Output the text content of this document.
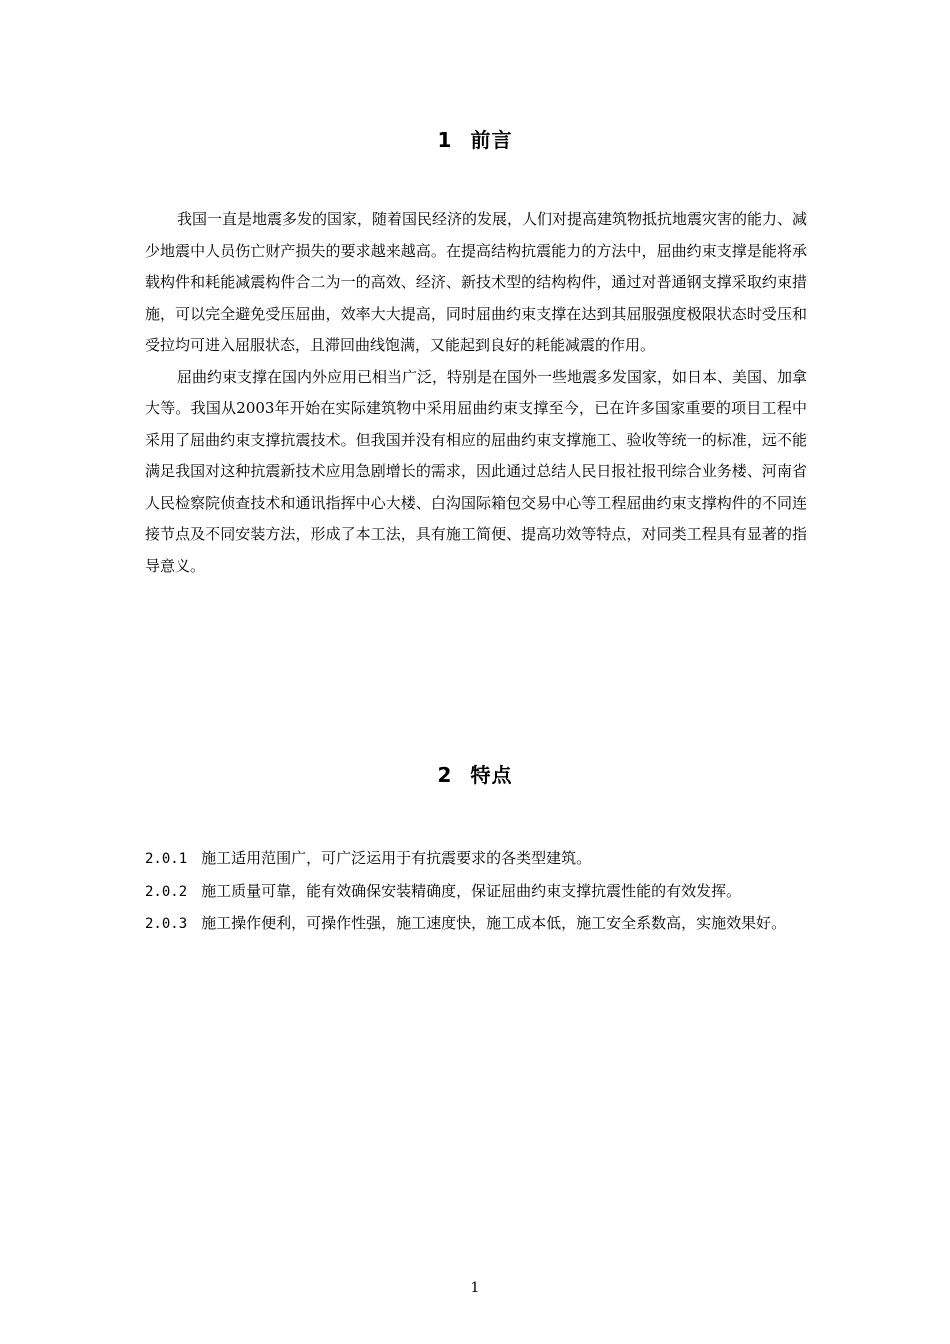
1 前言

我国一直是地震多发的国家，随着国民经济的发展，人们对提高建筑物抵抗地震灾害的能力、减少地震中人员伤亡财产损失的要求越来越高。在提高结构抗震能力的方法中，屈曲约束支撑是能将承载构件和耗能减震构件合二为一的高效、经济、新技术型的结构构件，通过对普通钢支撑采取约束措施，可以完全避免受压屈曲，效率大大提高，同时屈曲约束支撑在达到其屈服强度极限状态时受压和受拉均可进入屈服状态，且滞回曲线饱满，又能起到良好的耗能减震的作用。

屈曲约束支撑在国内外应用已相当广泛，特别是在国外一些地震多发国家，如日本、美国、加拿大等。我国从2003年开始在实际建筑物中采用屈曲约束支撑至今，已在许多国家重要的项目工程中采用了屈曲约束支撑抗震技术。但我国并没有相应的屈曲约束支撑施工、验收等统一的标准，远不能满足我国对这种抗震新技术应用急剧增长的需求，因此通过总结人民日报社报刊综合业务楼、河南省人民检察院侦查技术和通讯指挥中心大楼、白沟国际箱包交易中心等工程屈曲约束支撑构件的不同连接节点及不同安装方法，形成了本工法，具有施工简便、提高功效等特点，对同类工程具有显著的指导意义。

2 特点

2.0.1 施工适用范围广，可广泛运用于有抗震要求的各类型建筑。

2.0.2 施工质量可靠，能有效确保安装精确度，保证屈曲约束支撑抗震性能的有效发挥。

2.0.3 施工操作便利，可操作性强，施工速度快，施工成本低，施工安全系数高，实施效果好。

1
